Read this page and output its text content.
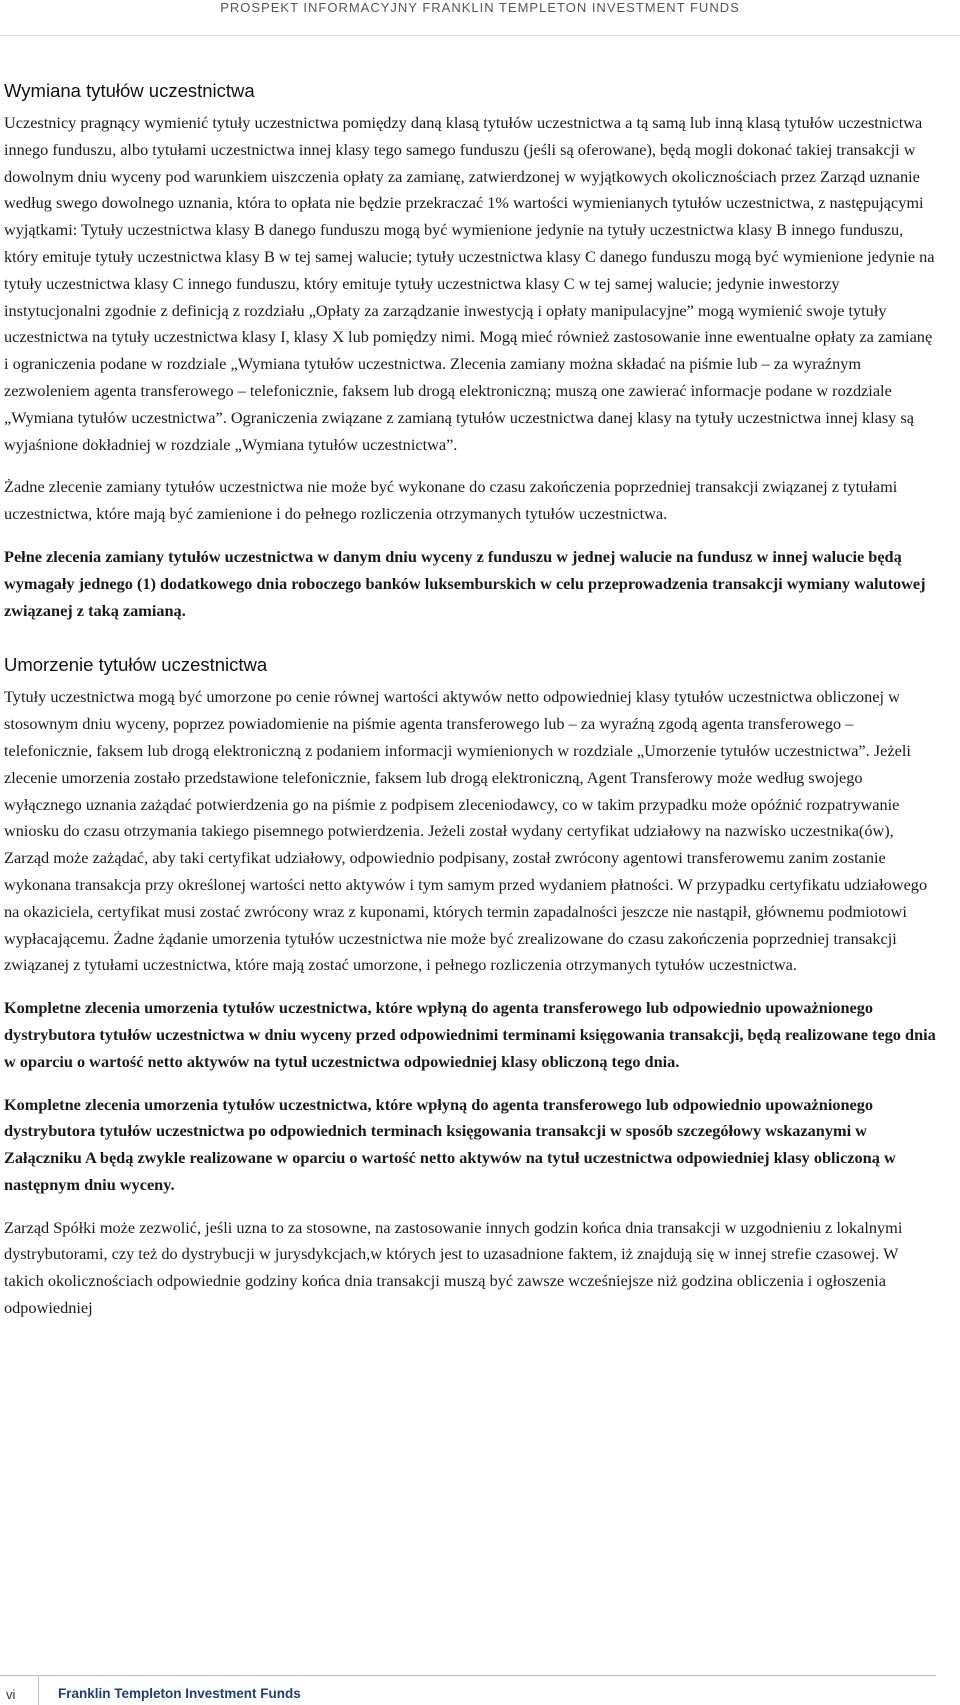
PROSPEKT INFORMACYJNY FRANKLIN TEMPLETON INVESTMENT FUNDS
Wymiana tytułów uczestnictwa

Uczestnicy pragnący wymienić tytuły uczestnictwa pomiędzy daną klasą tytułów uczestnictwa a tą samą lub inną klasą tytułów uczestnictwa innego funduszu, albo tytułami uczestnictwa innej klasy tego samego funduszu (jeśli są oferowane), będą mogli dokonać takiej transakcji w dowolnym dniu wyceny pod warunkiem uiszczenia opłaty za zamianę, zatwierdzonej w wyjątkowych okolicznościach przez Zarząd uznanie według swego dowolnego uznania, która to opłata nie będzie przekraczać 1% wartości wymienianych tytułów uczestnictwa, z następującymi wyjątkami: Tytuły uczestnictwa klasy B danego funduszu mogą być wymienione jedynie na tytuły uczestnictwa klasy B innego funduszu, który emituje tytuły uczestnictwa klasy B w tej samej walucie; tytuły uczestnictwa klasy C danego funduszu mogą być wymienione jedynie na tytuły uczestnictwa klasy C innego funduszu, który emituje tytuły uczestnictwa klasy C w tej samej walucie; jedynie inwestorzy instytucjonalni zgodnie z definicją z rozdziału „Opłaty za zarządzanie inwestycją i opłaty manipulacyjne” mogą wymienić swoje tytuły uczestnictwa na tytuły uczestnictwa klasy I, klasy X lub pomiędzy nimi. Mogą mieć również zastosowanie inne ewentualne opłaty za zamianę i ograniczenia podane w rozdziale „Wymiana tytułów uczestnictwa. Zlecenia zamiany można składać na piśmie lub – za wyraźnym zezwoleniem agenta transferowego – telefonicznie, faksem lub drogą elektroniczną; muszą one zawierać informacje podane w rozdziale „Wymiana tytułów uczestnictwa”. Ograniczenia związane z zamianą tytułów uczestnictwa danej klasy na tytuły uczestnictwa innej klasy są wyjaśnione dokładniej w rozdziale „Wymiana tytułów uczestnictwa”.

Żadne zlecenie zamiany tytułów uczestnictwa nie może być wykonane do czasu zakończenia poprzedniej transakcji związanej z tytułami uczestnictwa, które mają być zamienione i do pełnego rozliczenia otrzymanych tytułów uczestnictwa.

Pełne zlecenia zamiany tytułów uczestnictwa w danym dniu wyceny z funduszu w jednej walucie na fundusz w innej walucie będą wymagały jednego (1) dodatkowego dnia roboczego banków luksemburskich w celu przeprowadzenia transakcji wymiany walutowej związanej z taką zamianą.

Umorzenie tytułów uczestnictwa

Tytuły uczestnictwa mogą być umorzone po cenie równej wartości aktywów netto odpowiedniej klasy tytułów uczestnictwa obliczonej w stosownym dniu wyceny, poprzez powiadomienie na piśmie agenta transferowego lub – za wyraźną zgodą agenta transferowego – telefonicznie, faksem lub drogą elektroniczną z podaniem informacji wymienionych w rozdziale „Umorzenie tytułów uczestnictwa”. Jeżeli zlecenie umorzenia zostało przedstawione telefonicznie, faksem lub drogą elektroniczną, Agent Transferowy może według swojego wyłącznego uznania zażądać potwierdzenia go na piśmie z podpisem zleceniodawcy, co w takim przypadku może opóźnić rozpatrywanie wniosku do czasu otrzymania takiego pisemnego potwierdzenia. Jeżeli został wydany certyfikat udziałowy na nazwisko uczestnika(ów), Zarząd może zażądać, aby taki certyfikat udziałowy, odpowiednio podpisany, został zwrócony agentowi transferowemu zanim zostanie wykonana transakcja przy określonej wartości netto aktywów i tym samym przed wydaniem płatności. W przypadku certyfikatu udziałowego na okaziciela, certyfikat musi zostać zwrócony wraz z kuponami, których termin zapadalności jeszcze nie nastąpił, głównemu podmiotowi wypłacającemu. Żadne żądanie umorzenia tytułów uczestnictwa nie może być zrealizowane do czasu zakończenia poprzedniej transakcji związanej z tytułami uczestnictwa, które mają zostać umorzone, i pełnego rozliczenia otrzymanych tytułów uczestnictwa.

Kompletne zlecenia umorzenia tytułów uczestnictwa, które wpłyną do agenta transferowego lub odpowiednio upoważnionego dystrybutora tytułów uczestnictwa w dniu wyceny przed odpowiednimi terminami księgowania transakcji, będą realizowane tego dnia w oparciu o wartość netto aktywów na tytuł uczestnictwa odpowiedniej klasy obliczoną tego dnia.

Kompletne zlecenia umorzenia tytułów uczestnictwa, które wpłyną do agenta transferowego lub odpowiednio upoważnionego dystrybutora tytułów uczestnictwa po odpowiednich terminach księgowania transakcji w sposób szczegółowy wskazanymi w Załączniku A będą zwykle realizowane w oparciu o wartość netto aktywów na tytuł uczestnictwa odpowiedniej klasy obliczoną w następnym dniu wyceny.

Zarząd Spółki może zezwolić, jeśli uzna to za stosowne, na zastosowanie innych godzin końca dnia transakcji w uzgodnieniu z lokalnymi dystrybutorami, czy też do dystrybucji w jurysdykcjach,w których jest to uzasadnione faktem, iż znajdują się w innej strefie czasowej. W takich okolicznościach odpowiednie godziny końca dnia transakcji muszą być zawsze wcześniejsze niż godzina obliczenia i ogłoszenia odpowiedniej

vi	Franklin Templeton Investment Funds
